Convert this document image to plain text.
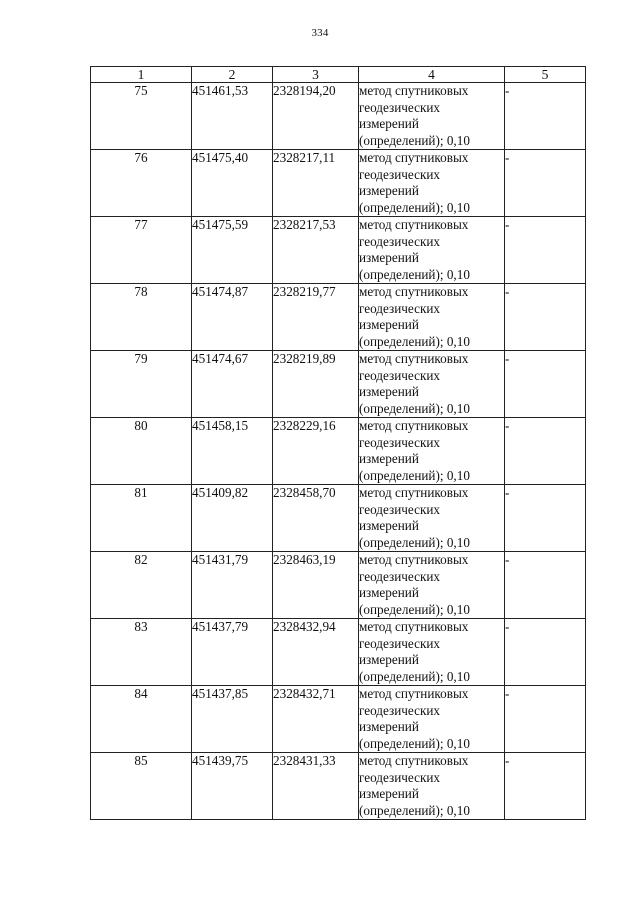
334
1	2	3	4	5
75	451461,53	2328194,20	метод спутниковых
геодезических
измерений
(определений); 0,10	-
76	451475,40	2328217,11	метод спутниковых
геодезических
измерений
(определений); 0,10	-
77	451475,59	2328217,53	метод спутниковых
геодезических
измерений
(определений); 0,10	-
78	451474,87	2328219,77	метод спутниковых
геодезических
измерений
(определений); 0,10	-
79	451474,67	2328219,89	метод спутниковых
геодезических
измерений
(определений); 0,10	-
80	451458,15	2328229,16	метод спутниковых
геодезических
измерений
(определений); 0,10	-
81	451409,82	2328458,70	метод спутниковых
геодезических
измерений
(определений); 0,10	-
82	451431,79	2328463,19	метод спутниковых
геодезических
измерений
(определений); 0,10	-
83	451437,79	2328432,94	метод спутниковых
геодезических
измерений
(определений); 0,10	-
84	451437,85	2328432,71	метод спутниковых
геодезических
измерений
(определений); 0,10	-
85	451439,75	2328431,33	метод спутниковых
геодезических
измерений
(определений); 0,10	-
